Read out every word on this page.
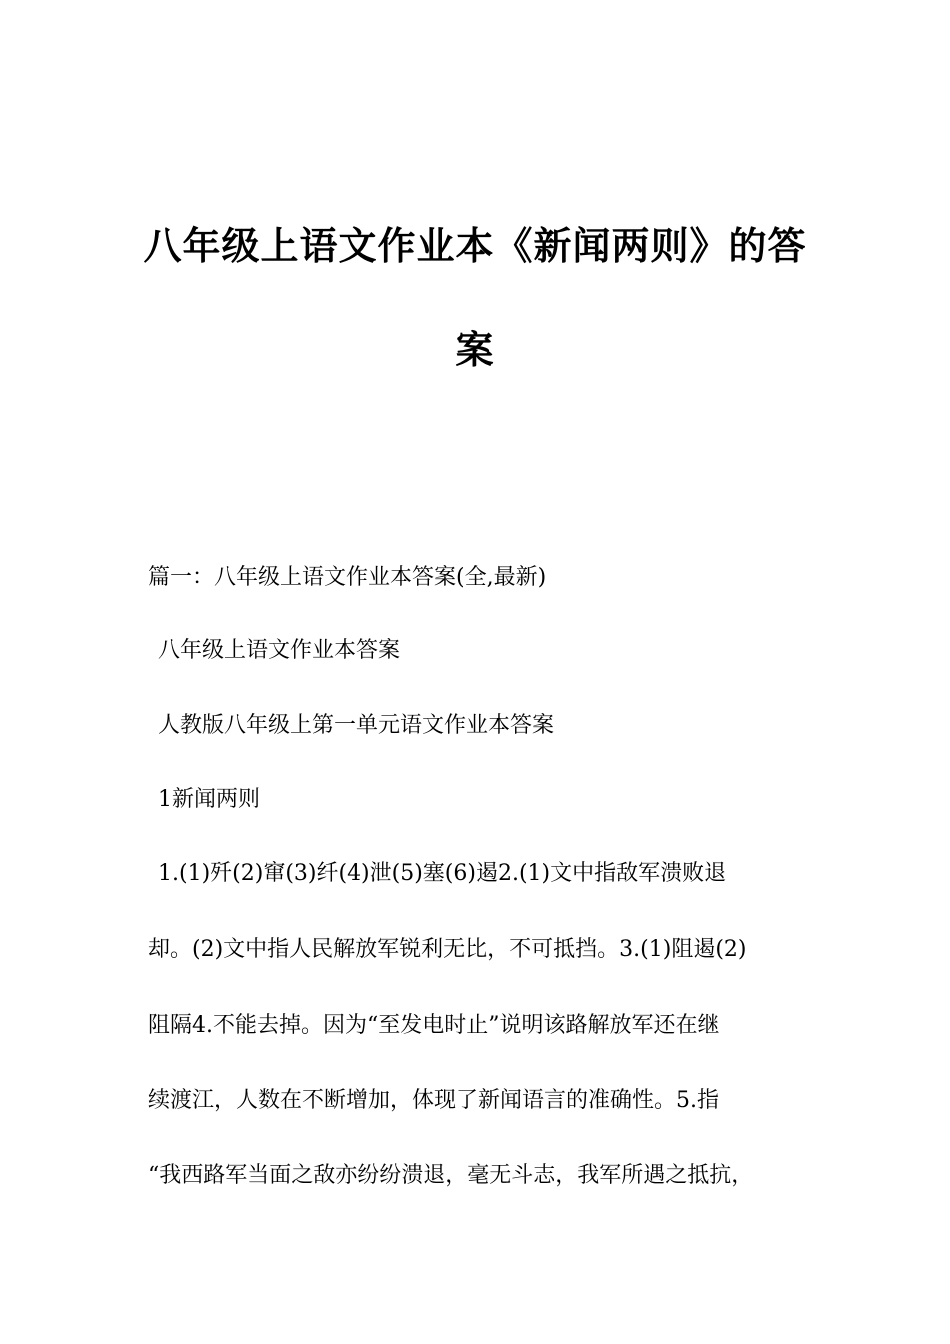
八年级上语文作业本《新闻两则》的答
案
篇一：八年级上语文作业本答案(全,最新)
八年级上语文作业本答案
人教版八年级上第一单元语文作业本答案
1新闻两则
1.(1)歼(2)窜(3)纤(4)泄(5)塞(6)遏2.(1)文中指敌军溃败退
却。(2)文中指人民解放军锐利无比，不可抵挡。3.(1)阻遏(2)
阻隔4.不能去掉。因为“至发电时止”说明该路解放军还在继
续渡江，人数在不断增加，体现了新闻语言的准确性。5.指
“我西路军当面之敌亦纷纷溃退，毫无斗志，我军所遇之抵抗，
